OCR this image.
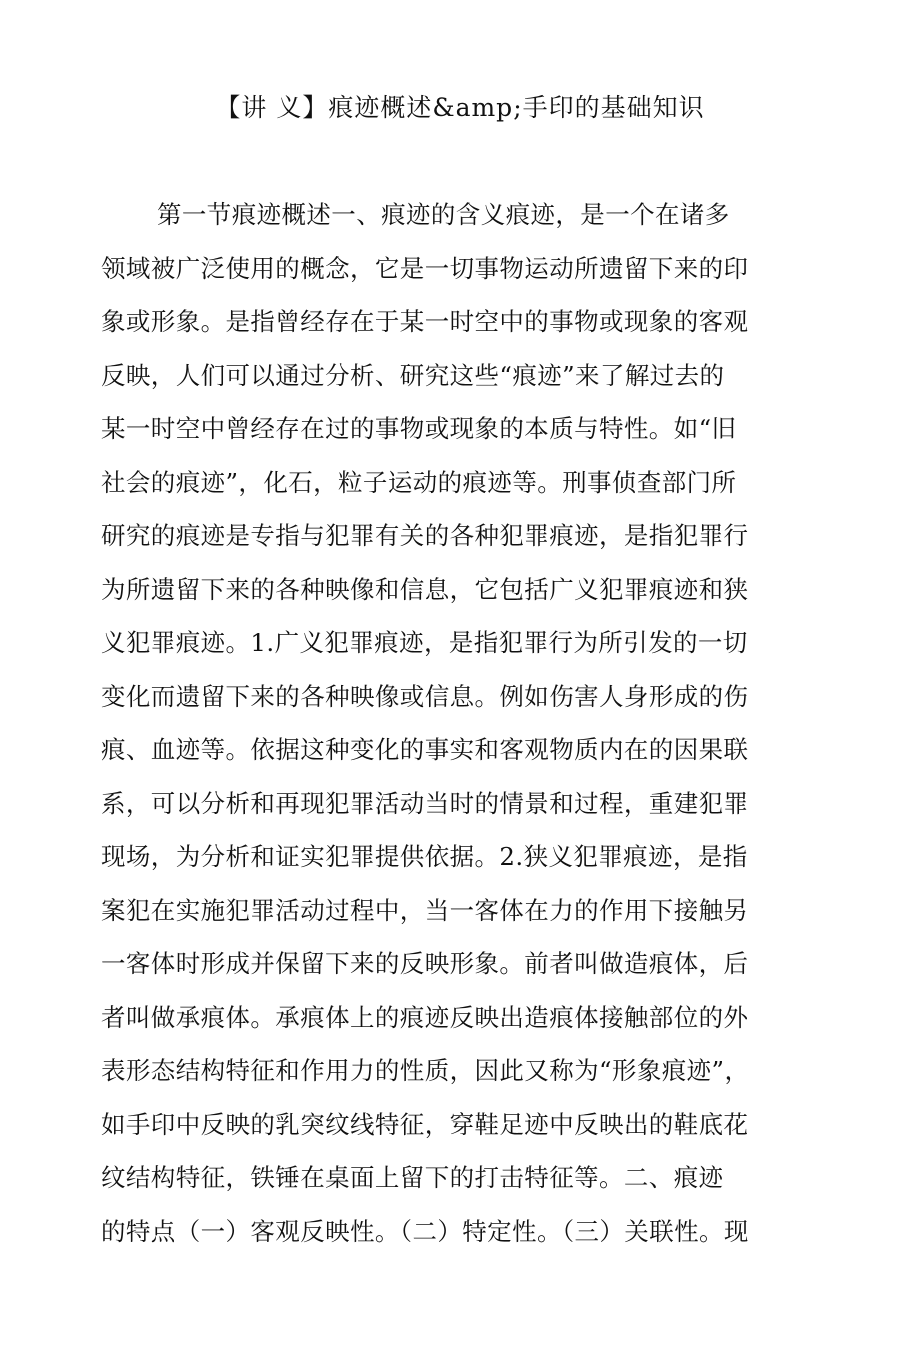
【讲 义】痕迹概述&amp;手印的基础知识
第一节痕迹概述一、痕迹的含义痕迹，是一个在诸多
领域被广泛使用的概念，它是一切事物运动所遗留下来的印
象或形象。是指曾经存在于某一时空中的事物或现象的客观
反映，人们可以通过分析、研究这些“痕迹”来了解过去的
某一时空中曾经存在过的事物或现象的本质与特性。如“旧
社会的痕迹”，化石，粒子运动的痕迹等。刑事侦查部门所
研究的痕迹是专指与犯罪有关的各种犯罪痕迹，是指犯罪行
为所遗留下来的各种映像和信息，它包括广义犯罪痕迹和狭
义犯罪痕迹。1.广义犯罪痕迹，是指犯罪行为所引发的一切
变化而遗留下来的各种映像或信息。例如伤害人身形成的伤
痕、血迹等。依据这种变化的事实和客观物质内在的因果联
系，可以分析和再现犯罪活动当时的情景和过程，重建犯罪
现场，为分析和证实犯罪提供依据。2.狭义犯罪痕迹，是指
案犯在实施犯罪活动过程中，当一客体在力的作用下接触另
一客体时形成并保留下来的反映形象。前者叫做造痕体，后
者叫做承痕体。承痕体上的痕迹反映出造痕体接触部位的外
表形态结构特征和作用力的性质，因此又称为“形象痕迹”，
如手印中反映的乳突纹线特征，穿鞋足迹中反映出的鞋底花
纹结构特征，铁锤在桌面上留下的打击特征等。二、痕迹
的特点（一）客观反映性。（二）特定性。（三）关联性。现
